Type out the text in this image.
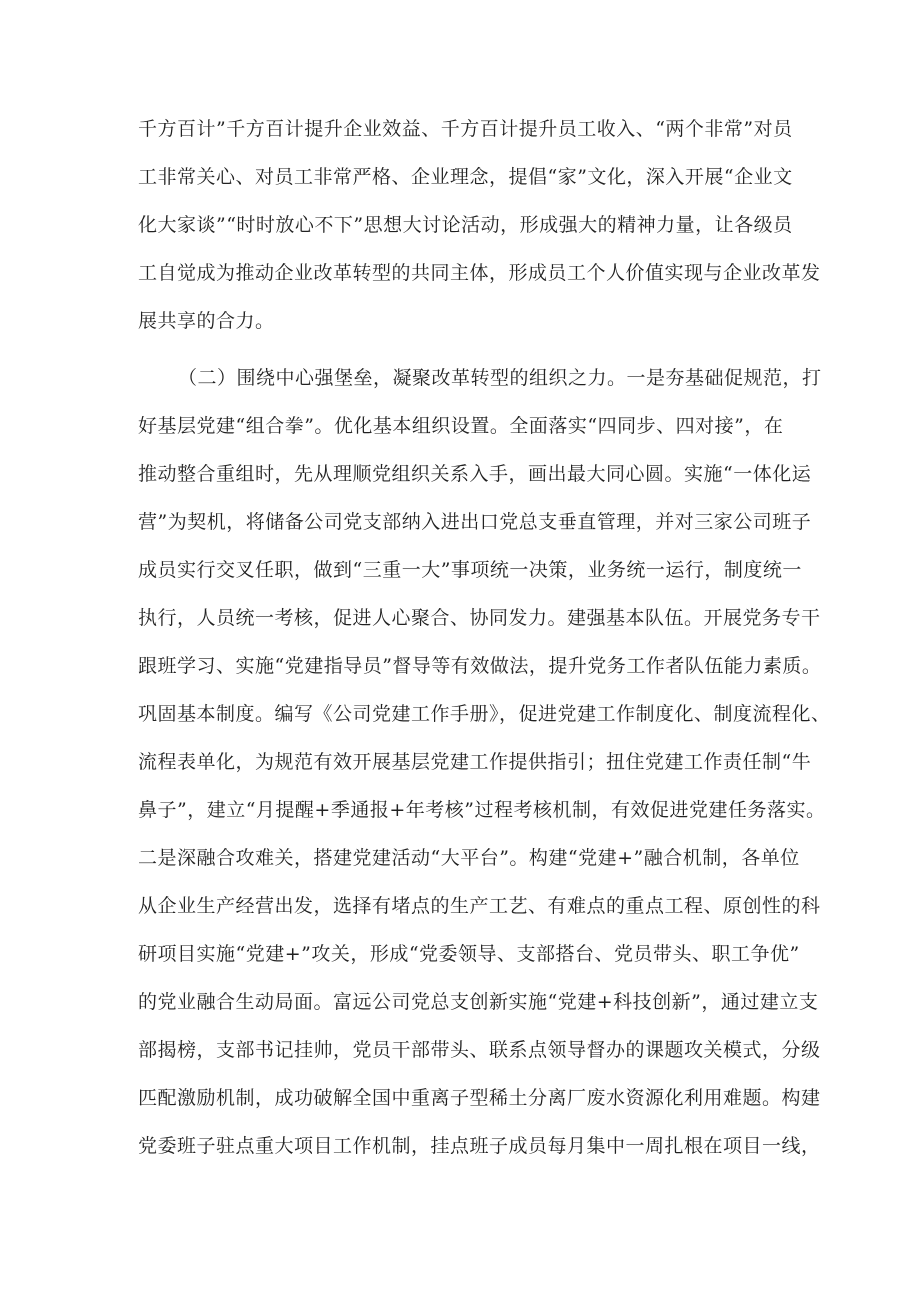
千方百计”千方百计提升企业效益、千方百计提升员工收入、“两个非常”对员
工非常关心、对员工非常严格、企业理念，提倡“家”文化，深入开展“企业文
化大家谈”“时时放心不下”思想大讨论活动，形成强大的精神力量，让各级员
工自觉成为推动企业改革转型的共同主体，形成员工个人价值实现与企业改革发
展共享的合力。
（二）围绕中心强堡垒，凝聚改革转型的组织之力。一是夯基础促规范，打
好基层党建“组合拳”。优化基本组织设置。全面落实“四同步、四对接”，在
推动整合重组时，先从理顺党组织关系入手，画出最大同心圆。实施“一体化运
营”为契机，将储备公司党支部纳入进出口党总支垂直管理，并对三家公司班子
成员实行交叉任职，做到“三重一大”事项统一决策，业务统一运行，制度统一
执行，人员统一考核，促进人心聚合、协同发力。建强基本队伍。开展党务专干
跟班学习、实施“党建指导员”督导等有效做法，提升党务工作者队伍能力素质。
巩固基本制度。编写《公司党建工作手册》，促进党建工作制度化、制度流程化、
流程表单化，为规范有效开展基层党建工作提供指引；扭住党建工作责任制“牛
鼻子”，建立“月提醒+季通报+年考核”过程考核机制，有效促进党建任务落实。
二是深融合攻难关，搭建党建活动“大平台”。构建“党建+”融合机制，各单位
从企业生产经营出发，选择有堵点的生产工艺、有难点的重点工程、原创性的科
研项目实施“党建+”攻关，形成“党委领导、支部搭台、党员带头、职工争优”
的党业融合生动局面。富远公司党总支创新实施“党建+科技创新”，通过建立支
部揭榜，支部书记挂帅，党员干部带头、联系点领导督办的课题攻关模式，分级
匹配激励机制，成功破解全国中重离子型稀土分离厂废水资源化利用难题。构建
党委班子驻点重大项目工作机制，挂点班子成员每月集中一周扎根在项目一线，
